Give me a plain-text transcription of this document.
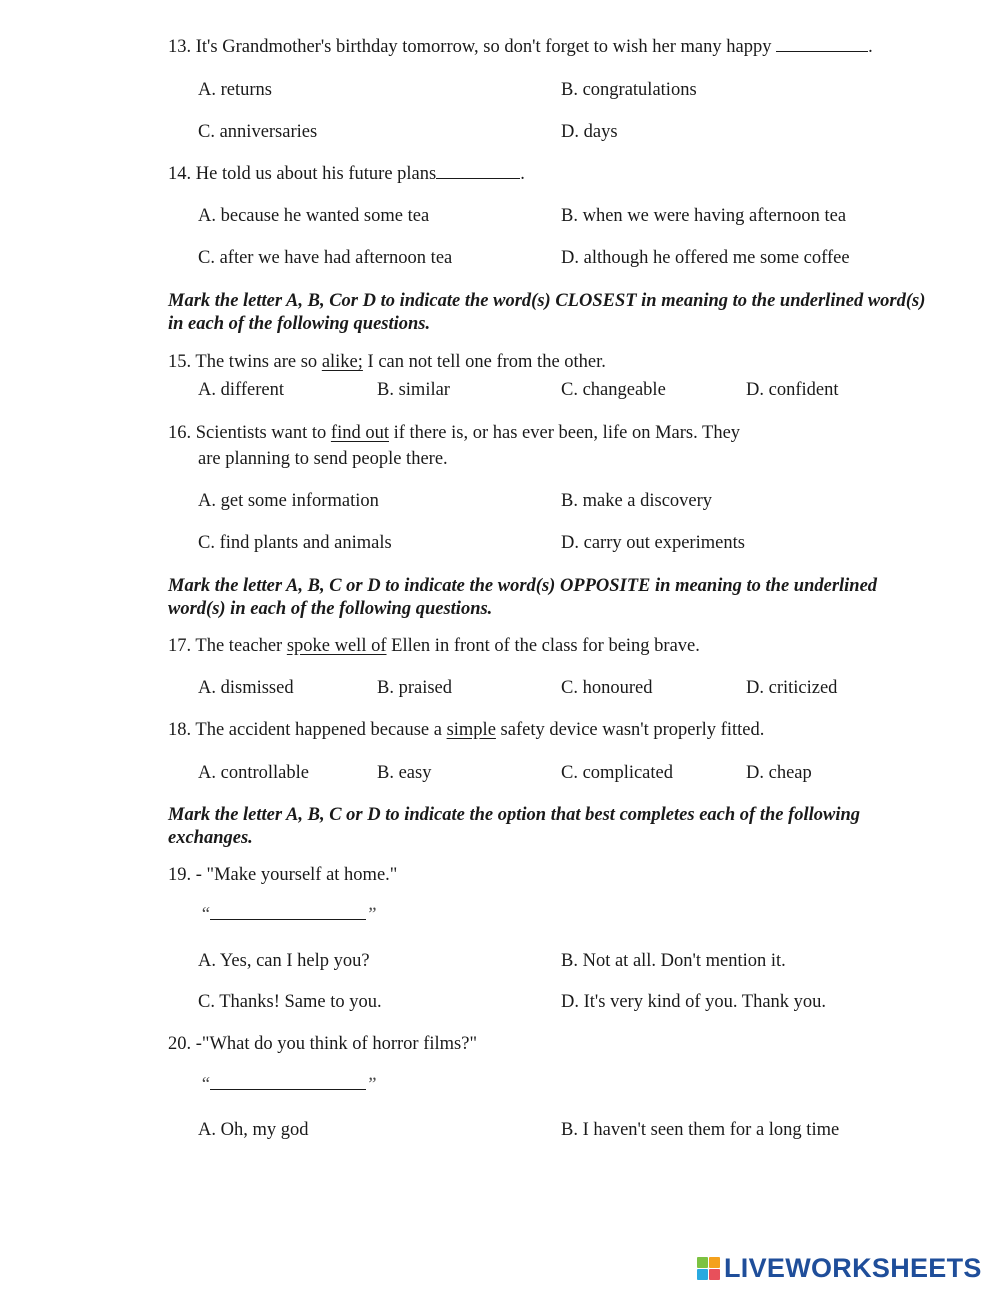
13. It's Grandmother's birthday tomorrow, so don't forget to wish her many happy	.
A. returns	B. congratulations
C. anniversaries	D. days
14. He told us about his future plans	.
A. because he wanted some tea	B. when we were having afternoon tea
C. after we have had afternoon tea	D. although he offered me some coffee
Mark the letter A, B, Cor D to indicate the word(s) CLOSEST in meaning to the underlined word(s) in each of the following questions.
15. The twins are so alike; I can not tell one from the other.
A. different	B. similar	C. changeable	D. confident
16. Scientists want to find out if there is, or has ever been, life on Mars. They
are planning to send people there.
A. get some information	B. make a discovery
C. find plants and animals	D. carry out experiments
Mark the letter A, B, C or D to indicate the word(s) OPPOSITE in meaning to the underlined word(s) in each of the following questions.
17. The teacher spoke well of Ellen in front of the class for being brave.
A. dismissed	B. praised	C. honoured	D. criticized
18. The accident happened because a simple safety device wasn't properly fitted.
A. controllable	B. easy	C. complicated	D. cheap
Mark the letter A, B, C or D to indicate the option that best completes each of the following exchanges.
19. - "Make yourself at home."
“	”
A. Yes, can I help you?	B. Not at all. Don't mention it.
C. Thanks! Same to you.	D. It's very kind of you. Thank you.
20. -"What do you think of horror films?"
“	”
A. Oh, my god	B. I haven't seen them for a long time
LIVEWORKSHEETS
